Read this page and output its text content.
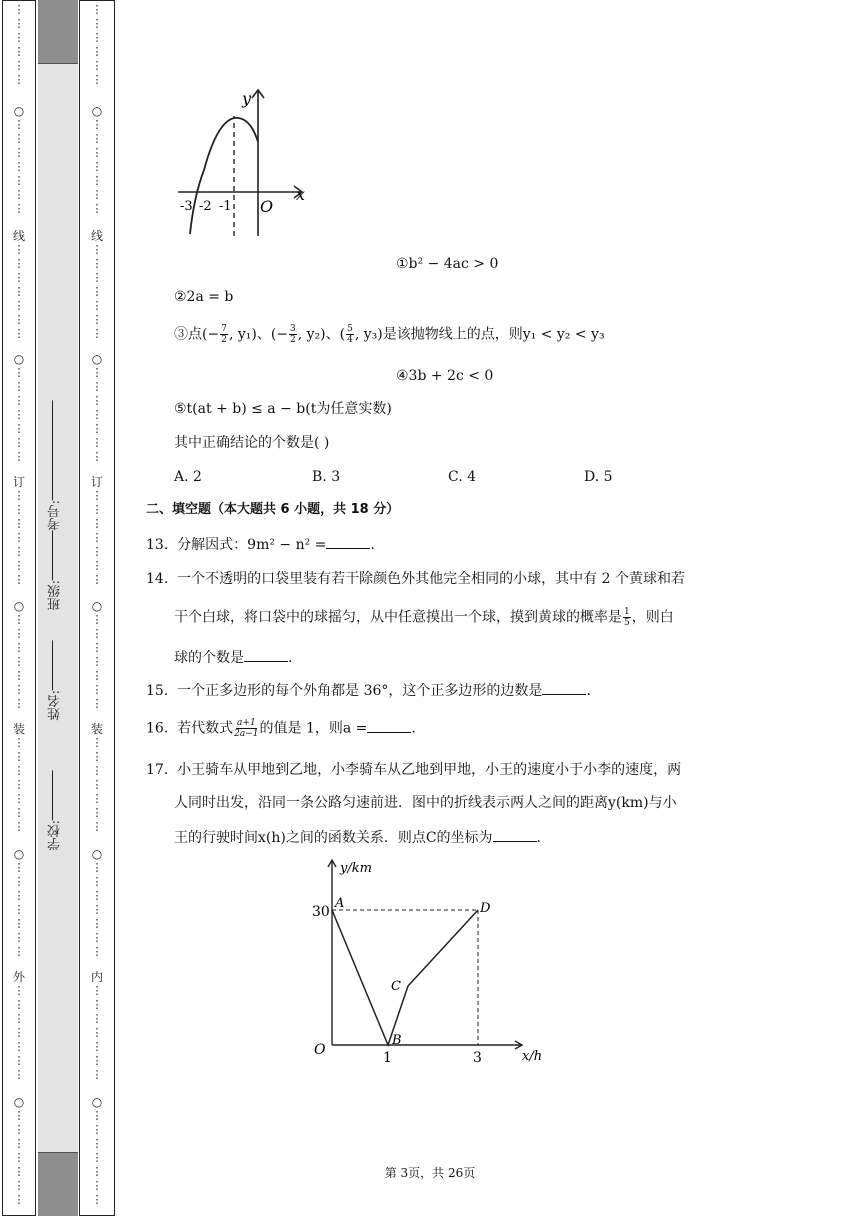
⋮

⋮

⋮

⋮

⋮

⋮
○
⋮

⋮

⋮

⋮

⋮

⋮

⋮
线
⋮

⋮

⋮

⋮

⋮

⋮

⋮
○
⋮

⋮

⋮

⋮

⋮

⋮

⋮
订
⋮

⋮

⋮

⋮

⋮

⋮

⋮
○
⋮

⋮

⋮

⋮

⋮

⋮

⋮
装
⋮

⋮

⋮

⋮

⋮

⋮

⋮
○
⋮

⋮

⋮

⋮

⋮

⋮

⋮
外
⋮

⋮

⋮

⋮

⋮

⋮

⋮
○
⋮

⋮

⋮

⋮

⋮

⋮

⋮
⋮

⋮

⋮

⋮

⋮

⋮
○
⋮

⋮

⋮

⋮

⋮

⋮

⋮
线
⋮

⋮

⋮

⋮

⋮

⋮

⋮
○
⋮

⋮

⋮

⋮

⋮

⋮

⋮
订
⋮

⋮

⋮

⋮

⋮

⋮

⋮
○
⋮

⋮

⋮

⋮

⋮

⋮

⋮
装
⋮

⋮

⋮

⋮

⋮

⋮

⋮
○
⋮

⋮

⋮

⋮

⋮

⋮

⋮
内
⋮

⋮

⋮

⋮

⋮

⋮

⋮
○
⋮

⋮

⋮

⋮

⋮

⋮

⋮
学校:
姓名:
班级:
考号:
y
x
-3 -2 -1 O
①b² − 4ac > 0
②2a = b
③点(− $\frac{7}{2}$ , y₁)、(− $\frac{3}{2}$ , y₂)、( $\frac{5}{4}$ , y₃)是该抛物线上的点，则y₁ < y₂ < y₃
④3b + 2c < 0
⑤t(at + b) ≤ a − b(t为任意实数)
其中正确结论的个数是( )
A. 2	B. 3	C. 4	D. 5
二、填空题（本大题共 6 小题，共 18 分）
13. 分解因式：9m² − n² =	.
14. 一个不透明的口袋里装有若干除颜色外其他完全相同的小球，其中有 2 个黄球和若
干个白球，将口袋中的球摇匀，从中任意摸出一个球，摸到黄球的概率是 $\frac{1}{5}$ ，则白
球的个数是	.
15. 一个正多边形的每个外角都是 36°，这个正多边形的边数是	.
16. 若代数式 $\frac{a+1}{2a-1}$ 的值是 1，则a =	.
17. 小王骑车从甲地到乙地，小李骑车从乙地到甲地，小王的速度小于小李的速度，两
人同时出发，沿同一条公路匀速前进．图中的折线表示两人之间的距离y(km)与小
王的行驶时间x(h)之间的函数关系．则点C的坐标为	.
y/km
x/h
O
30
1	3
A
B
C
D
第 3页，共 26页
